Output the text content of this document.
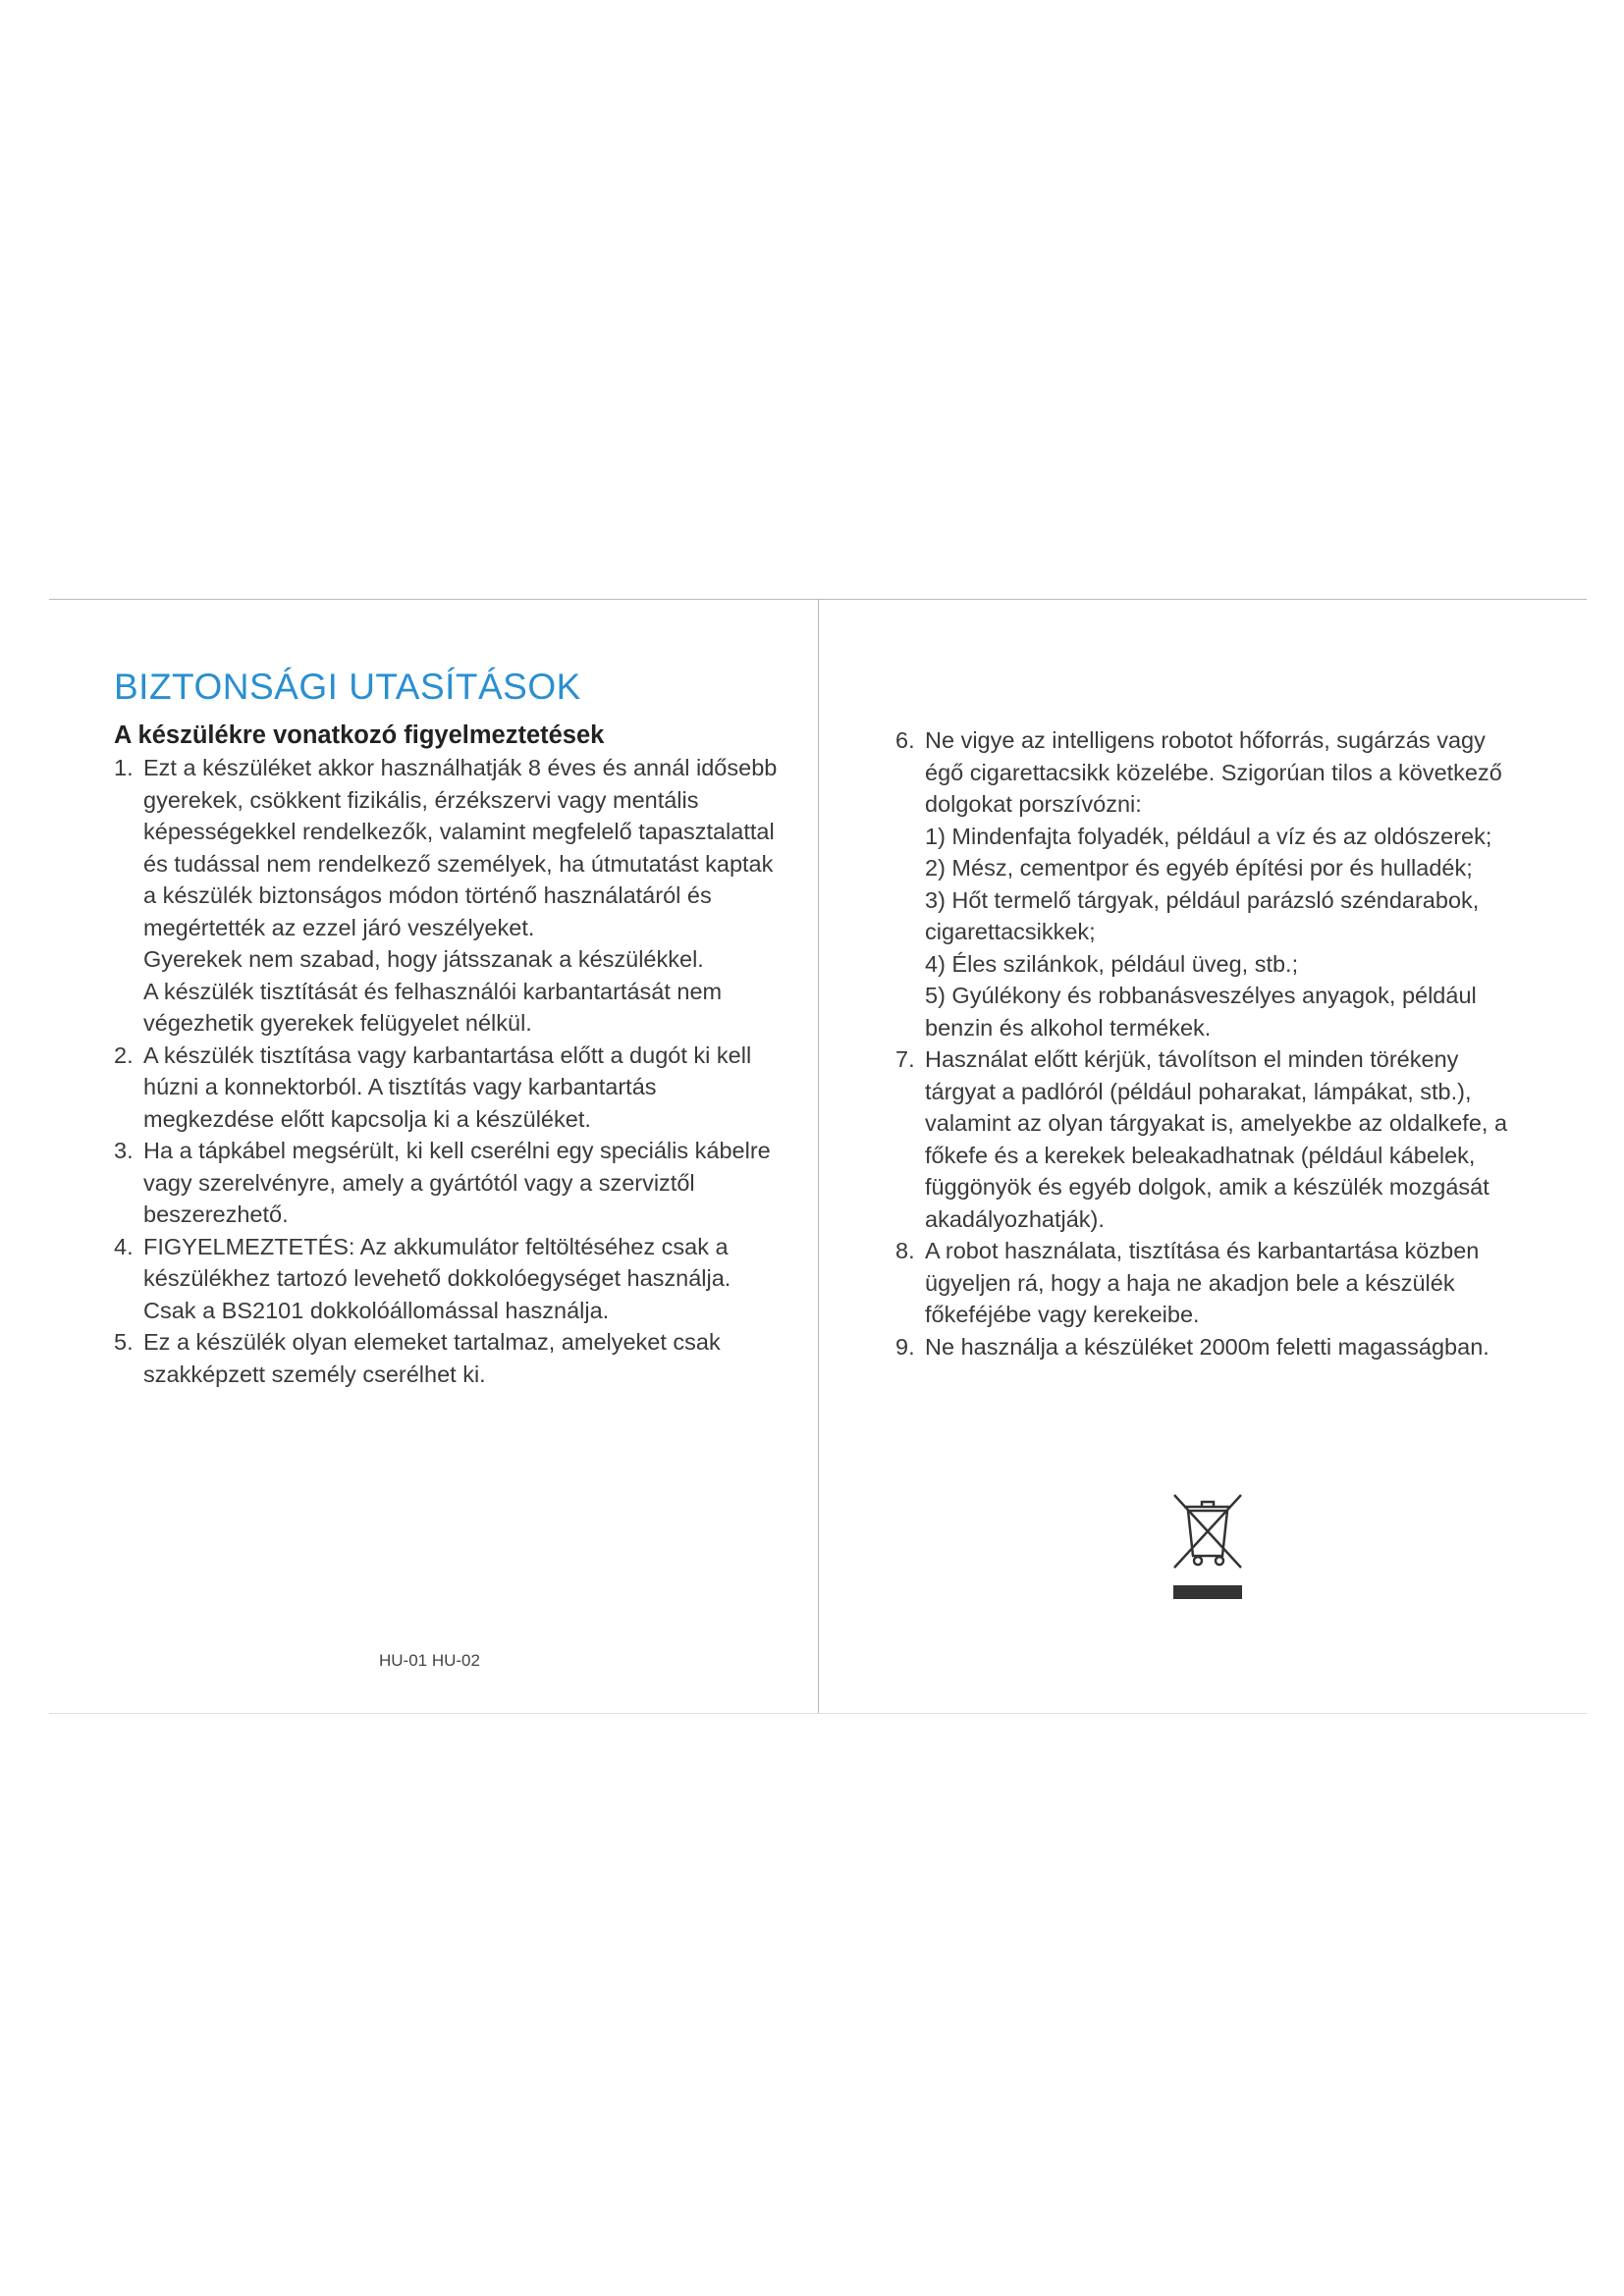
BIZTONSÁGI UTASÍTÁSOK
A készülékre vonatkozó figyelmeztetések
1. Ezt a készüléket akkor használhatják 8 éves és annál idősebb gyerekek, csökkent fizikális, érzékszervi vagy mentális képességekkel rendelkezők, valamint megfelelő tapasztalattal és tudással nem rendelkező személyek, ha útmutatást kaptak a készülék biztonságos módon történő használatáról és megértették az ezzel járó veszélyeket.
Gyerekek nem szabad, hogy játsszanak a készülékkel.
A készülék tisztítását és felhasználói karbantartását nem végezhetik gyerekek felügyelet nélkül.
2. A készülék tisztítása vagy karbantartása előtt a dugót ki kell húzni a konnektorból. A tisztítás vagy karbantartás megkezdése előtt kapcsolja ki a készüléket.
3. Ha a tápkábel megsérült, ki kell cserélni egy speciális kábelre vagy szerelvényre, amely a gyártótól vagy a szerviztől beszerezhető.
4. FIGYELMEZTETÉS: Az akkumulátor feltöltéséhez csak a készülékhez tartozó levehető dokkolóegységet használja.
Csak a BS2101 dokkolóállomással használja.
5. Ez a készülék olyan elemeket tartalmaz, amelyeket csak szakképzett személy cserélhet ki.
6. Ne vigye az intelligens robotot hőforrás, sugárzás vagy égő cigarettacsikk közelébe. Szigorúan tilos a következő dolgokat porszívózni:
1) Mindenfajta folyadék, például a víz és az oldószerek;
2) Mész, cementpor és egyéb építési por és hulladék;
3) Hőt termelő tárgyak, például parázsló széndarabok, cigarettacsikkek;
4) Éles szilánkok, például üveg, stb.;
5) Gyúlékony és robbanásveszélyes anyagok, például benzin és alkohol termékek.
7. Használat előtt kérjük, távolítson el minden törékeny tárgyat a padlóról (például poharakat, lámpákat, stb.), valamint az olyan tárgyakat is, amelyekbe az oldalkefe, a főkefe és a kerekek beleakadhatnak (például kábelek, függönyök és egyéb dolgok, amik a készülék mozgását akadályozhatják).
8. A robot használata, tisztítása és karbantartása közben ügyeljen rá, hogy a haja ne akadjon bele a készülék főkeféjébe vagy kerekeibe.
9. Ne használja a készüléket 2000m feletti magasságban.
HU-01 HU-02
